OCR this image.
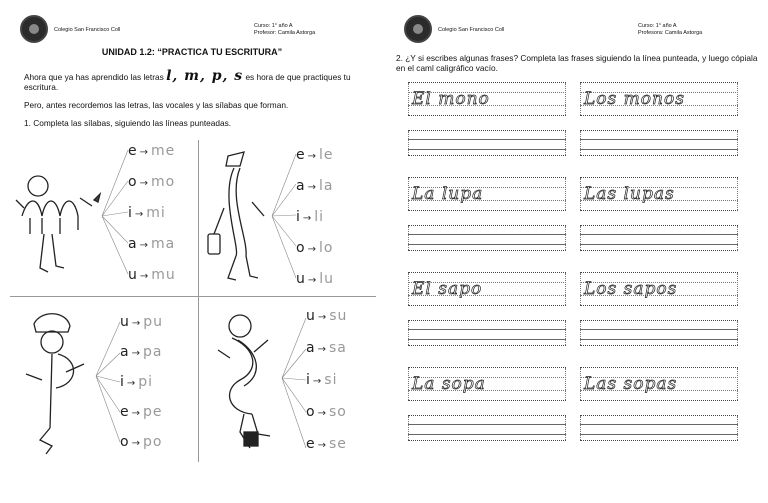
Colegio San Francisco Coll
Curso: 1° año A
Profesor: Camila Astorga
UNIDAD 1.2: “PRACTICA TU ESCRITURA”
Ahora que ya has aprendido las letras l, m, p, s es hora de que practiques tu escritura.
Pero, antes recordemos las letras, las vocales y las sílabas que forman.
1. Completa las sílabas, siguiendo las líneas punteadas.
e → me
o → mo
i → mi
a → ma
u → mu
e → le
a → la
i → li
o → lo
u → lu
u → pu
a → pa
i → pi
e → pe
o → po
u → su
a → sa
i → si
o → so
e → se
Colegio San Francisco Coll
Curso: 1° año A
Profesora: Camila Astorga
2. ¿Y si escribes algunas frases? Completa las frases siguiendo la línea punteada, y luego cópiala en el caml caligráfico vacío.
El mono	Los monos
La lupa	Las lupas
El sapo	Los sapos
La sopa	Las sopas
